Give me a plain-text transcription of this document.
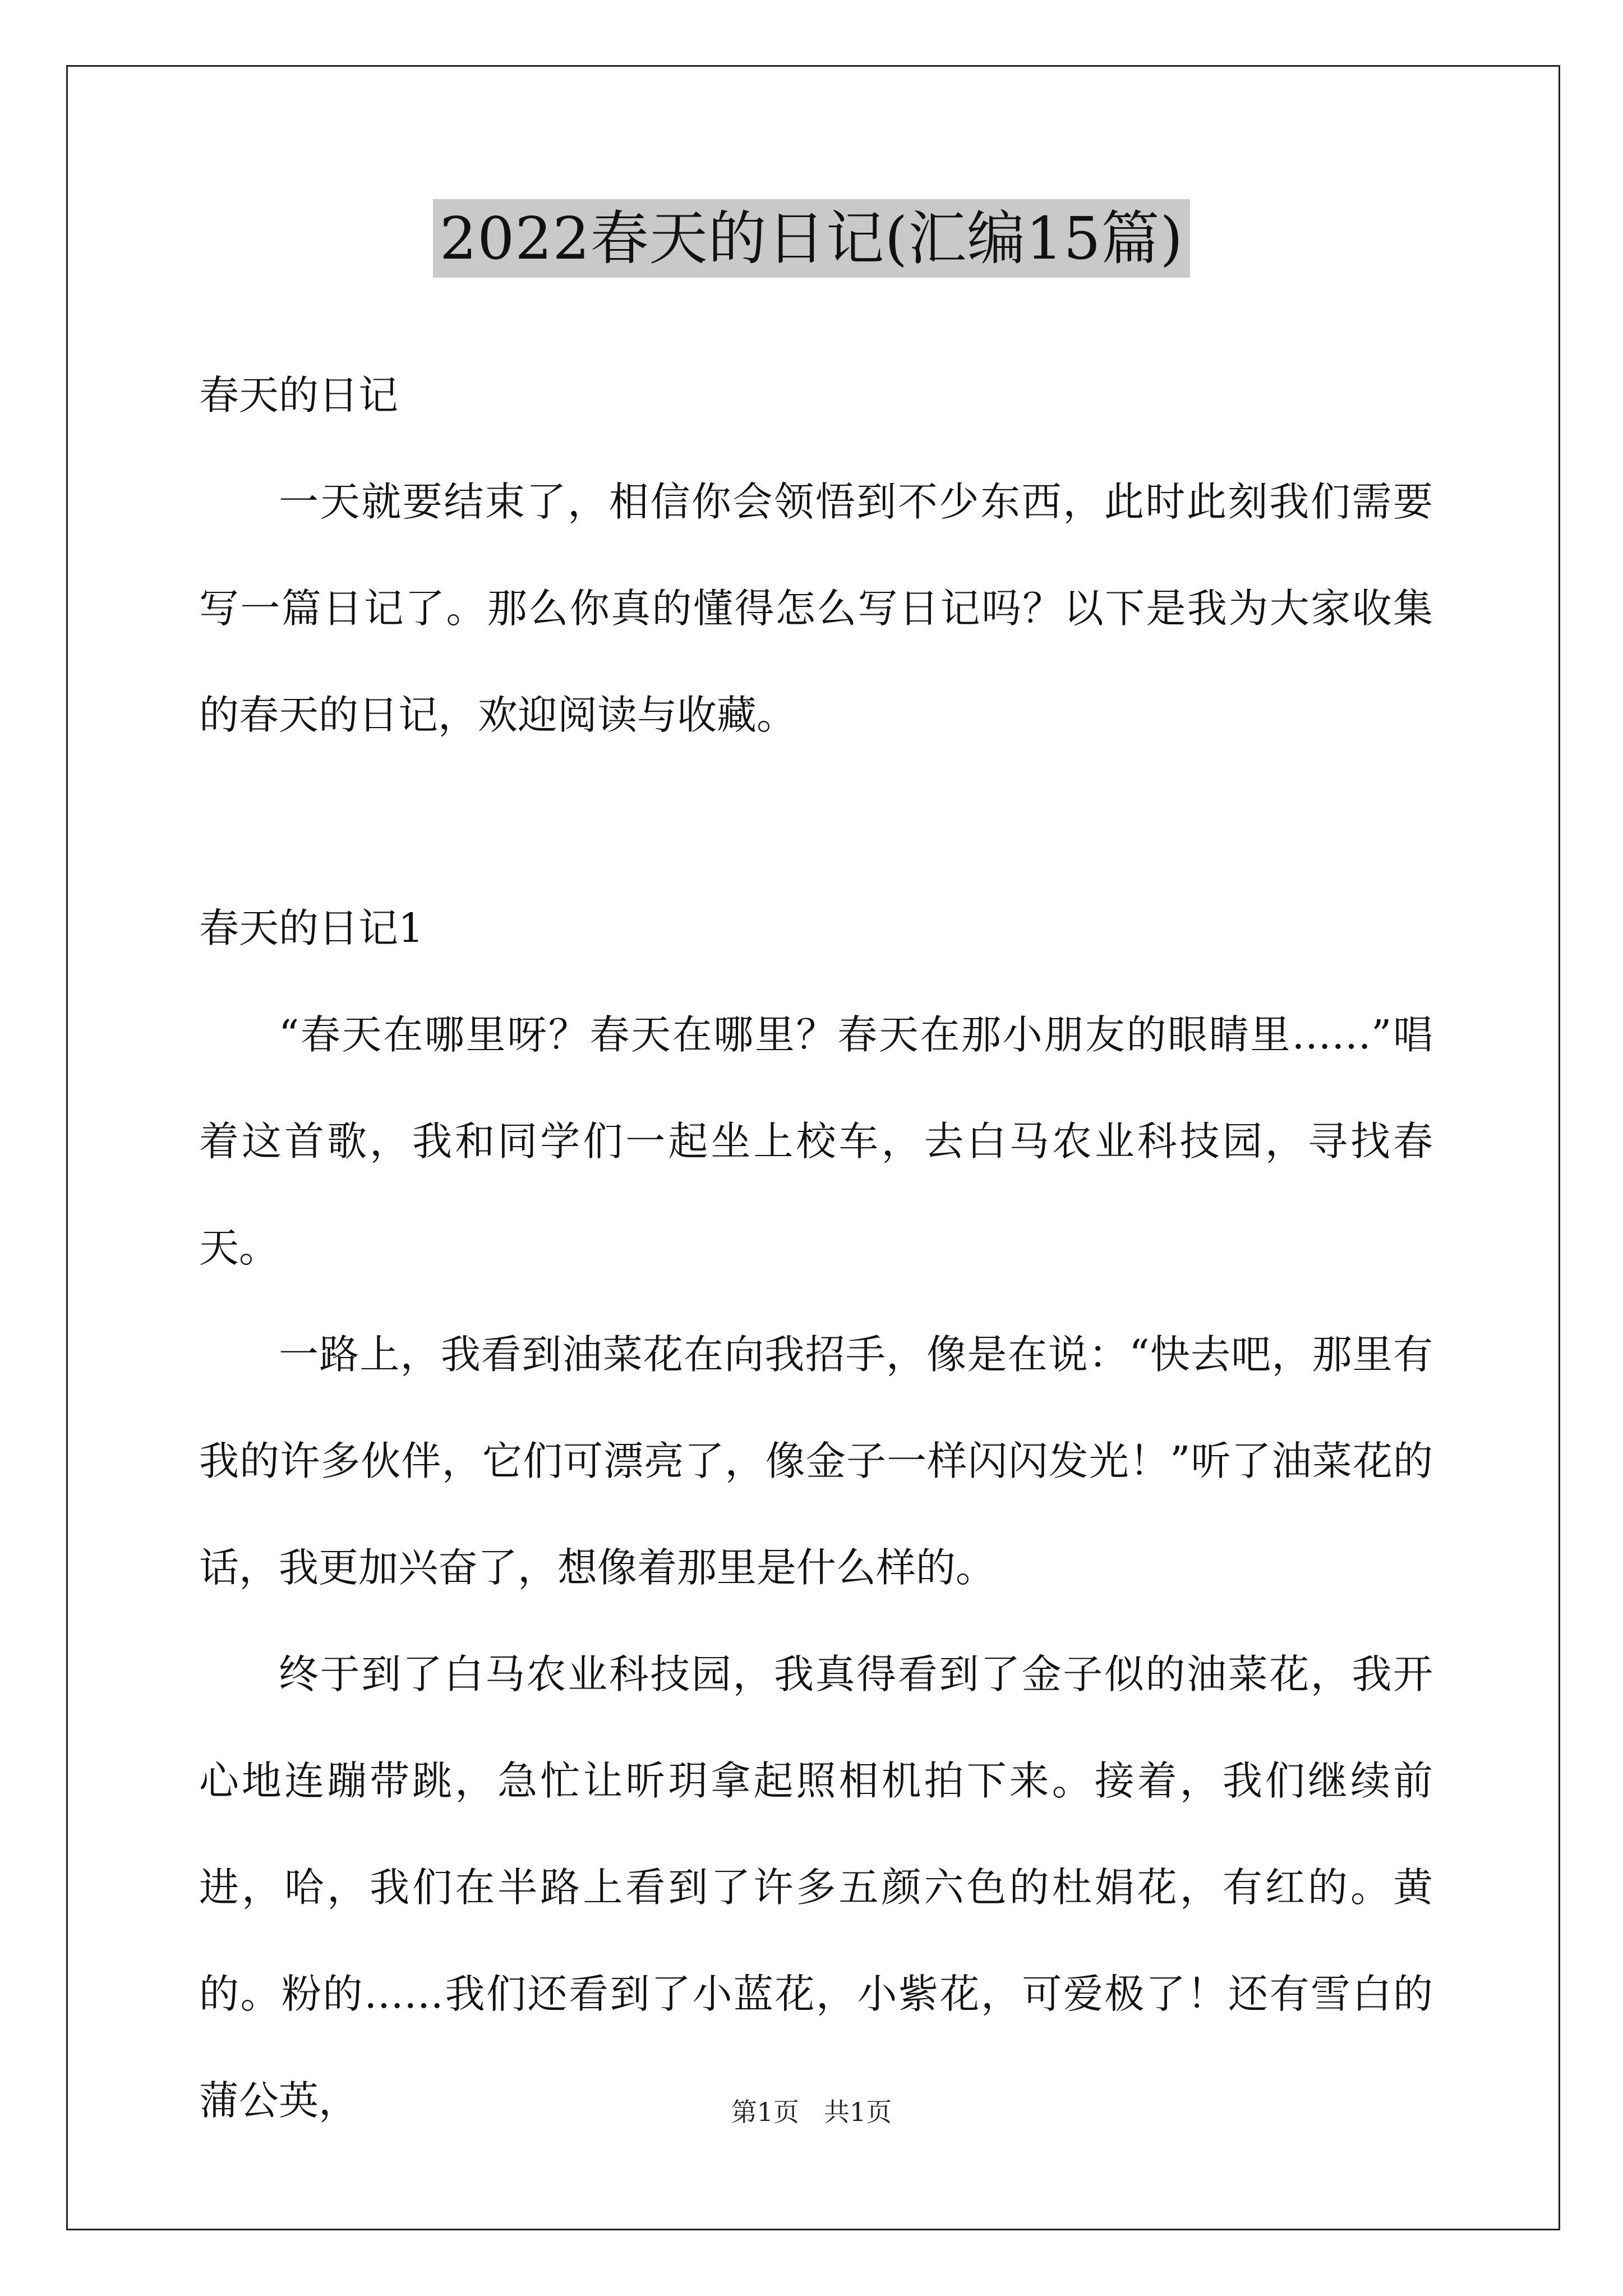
2022春天的日记(汇编15篇)

春天的日记

一天就要结束了，相信你会领悟到不少东西，此时此刻我们需要写一篇日记了。那么你真的懂得怎么写日记吗？以下是我为大家收集的春天的日记，欢迎阅读与收藏。

春天的日记1

“春天在哪里呀？春天在哪里？春天在那小朋友的眼睛里……”唱着这首歌，我和同学们一起坐上校车，去白马农业科技园，寻找春天。

一路上，我看到油菜花在向我招手，像是在说：“快去吧，那里有我的许多伙伴，它们可漂亮了，像金子一样闪闪发光！”听了油菜花的话，我更加兴奋了，想像着那里是什么样的。

终于到了白马农业科技园，我真得看到了金子似的油菜花，我开心地连蹦带跳，急忙让昕玥拿起照相机拍下来。接着，我们继续前进，哈，我们在半路上看到了许多五颜六色的杜娟花，有红的。黄的。粉的……我们还看到了小蓝花，小紫花，可爱极了！还有雪白的蒲公英，	第1页 共1页
